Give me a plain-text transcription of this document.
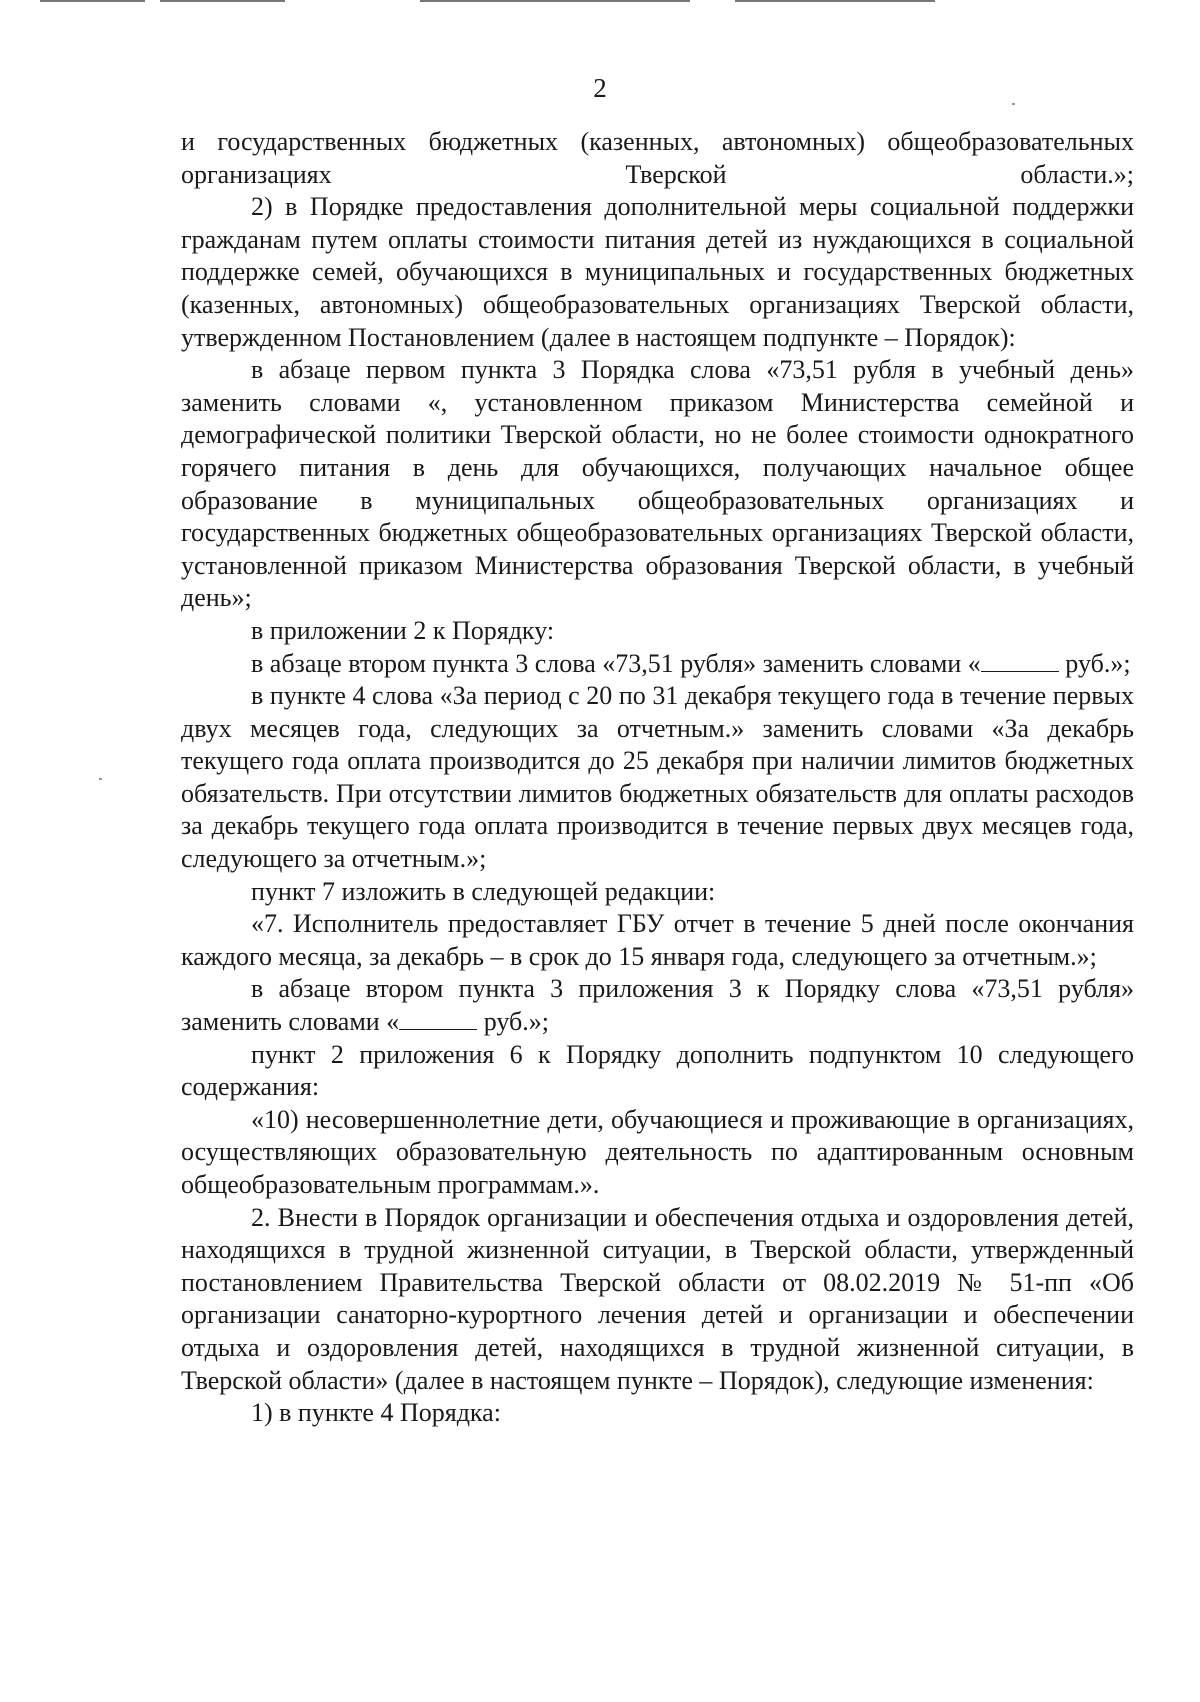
2

и государственных бюджетных (казенных, автономных) общеобразовательных организациях Тверской области.»;

2) в Порядке предоставления дополнительной меры социальной поддержки гражданам путем оплаты стоимости питания детей из нуждающихся в социальной поддержке семей, обучающихся в муниципальных и государственных бюджетных (казенных, автономных) общеобразовательных организациях Тверской области, утвержденном Постановлением (далее в настоящем подпункте – Порядок):

в абзаце первом пункта 3 Порядка слова «73,51 рубля в учебный день» заменить словами «, установленном приказом Министерства семейной и демографической политики Тверской области, но не более стоимости однократного горячего питания в день для обучающихся, получающих начальное общее образование в муниципальных общеобразовательных организациях и государственных бюджетных общеобразовательных организациях Тверской области, установленной приказом Министерства образования Тверской области, в учебный день»;

в приложении 2 к Порядку:

в абзаце втором пункта 3 слова «73,51 рубля» заменить словами «	руб.»;

в пункте 4 слова «За период с 20 по 31 декабря текущего года в течение первых двух месяцев года, следующих за отчетным.» заменить словами «За декабрь текущего года оплата производится до 25 декабря при наличии лимитов бюджетных обязательств. При отсутствии лимитов бюджетных обязательств для оплаты расходов за декабрь текущего года оплата производится в течение первых двух месяцев года, следующего за отчетным.»;

пункт 7 изложить в следующей редакции:

«7. Исполнитель предоставляет ГБУ отчет в течение 5 дней после окончания каждого месяца, за декабрь – в срок до 15 января года, следующего за отчетным.»;

в абзаце втором пункта 3 приложения 3 к Порядку слова «73,51 рубля» заменить словами «	руб.»;

пункт 2 приложения 6 к Порядку дополнить подпунктом 10 следующего содержания:

«10) несовершеннолетние дети, обучающиеся и проживающие в организациях, осуществляющих образовательную деятельность по адаптированным основным общеобразовательным программам.».

2. Внести в Порядок организации и обеспечения отдыха и оздоровления детей, находящихся в трудной жизненной ситуации, в Тверской области, утвержденный постановлением Правительства Тверской области от 08.02.2019 № 51-пп «Об организации санаторно-курортного лечения детей и организации и обеспечении отдыха и оздоровления детей, находящихся в трудной жизненной ситуации, в Тверской области» (далее в настоящем пункте – Порядок), следующие изменения:

1) в пункте 4 Порядка:
